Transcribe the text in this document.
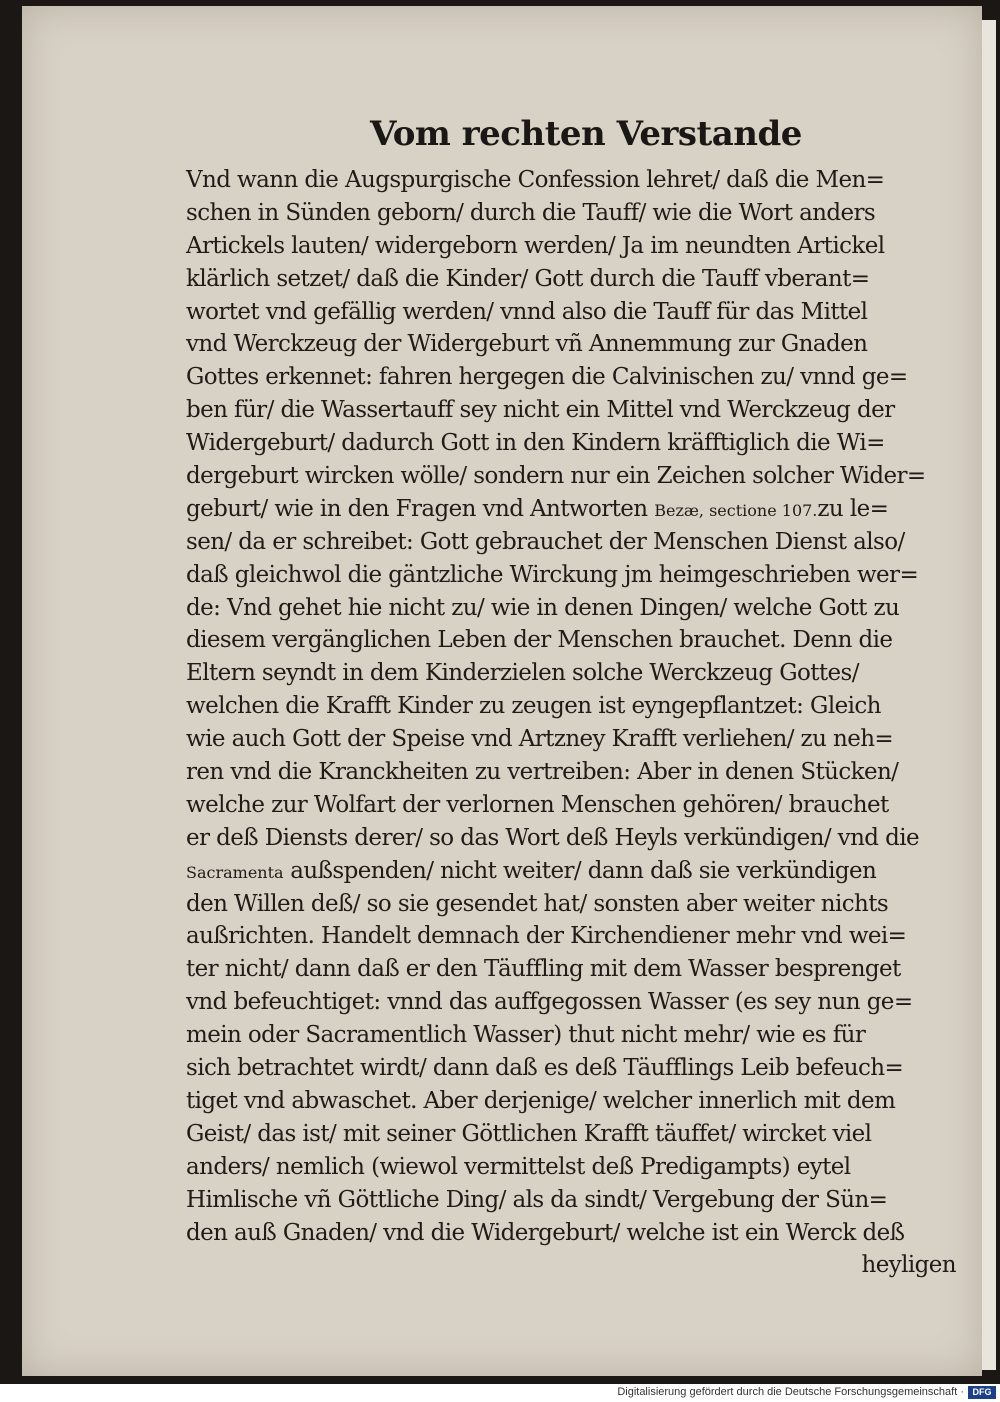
Vom rechten Verstande
Vnd wann die Augspurgische Confession lehret/ daß die Men=
schen in Sünden geborn/ durch die Tauff/ wie die Wort anders
Artickels lauten/ widergeborn werden/ Ja im neundten Artickel
klärlich setzet/ daß die Kinder/ Gott durch die Tauff vberant=
wortet vnd gefällig werden/ vnnd also die Tauff für das Mittel
vnd Werckzeug der Widergeburt vñ Annemmung zur Gnaden
Gottes erkennet: fahren hergegen die Calvinischen zu/ vnnd ge=
ben für/ die Wassertauff sey nicht ein Mittel vnd Werckzeug der
Widergeburt/ dadurch Gott in den Kindern kräfftiglich die Wi=
dergeburt wircken wölle/ sondern nur ein Zeichen solcher Wider=
geburt/ wie in den Fragen vnd Antworten Bezæ, sectione 107.zu le=
sen/ da er schreibet: Gott gebrauchet der Menschen Dienst also/
daß gleichwol die gäntzliche Wirckung jm heimgeschrieben wer=
de: Vnd gehet hie nicht zu/ wie in denen Dingen/ welche Gott zu
diesem vergänglichen Leben der Menschen brauchet. Denn die
Eltern seyndt in dem Kinderzielen solche Werckzeug Gottes/
welchen die Krafft Kinder zu zeugen ist eyngepflantzet: Gleich
wie auch Gott der Speise vnd Artzney Krafft verliehen/ zu neh=
ren vnd die Kranckheiten zu vertreiben: Aber in denen Stücken/
welche zur Wolfart der verlornen Menschen gehören/ brauchet
er deß Diensts derer/ so das Wort deß Heyls verkündigen/ vnd die
Sacramenta außspenden/ nicht weiter/ dann daß sie verkündigen
den Willen deß/ so sie gesendet hat/ sonsten aber weiter nichts
außrichten. Handelt demnach der Kirchendiener mehr vnd wei=
ter nicht/ dann daß er den Täuffling mit dem Wasser besprenget
vnd befeuchtiget: vnnd das auffgegossen Wasser (es sey nun ge=
mein oder Sacramentlich Wasser) thut nicht mehr/ wie es für
sich betrachtet wirdt/ dann daß es deß Täufflings Leib befeuch=
tiget vnd abwaschet. Aber derjenige/ welcher innerlich mit dem
Geist/ das ist/ mit seiner Göttlichen Krafft täuffet/ wircket viel
anders/ nemlich (wiewol vermittelst deß Predigampts) eytel
Himlische vñ Göttliche Ding/ als da sindt/ Vergebung der Sün=
den auß Gnaden/ vnd die Widergeburt/ welche ist ein Werck deß
heyligen
Digitalisierung gefördert durch die Deutsche Forschungsgemeinschaft · DFG
